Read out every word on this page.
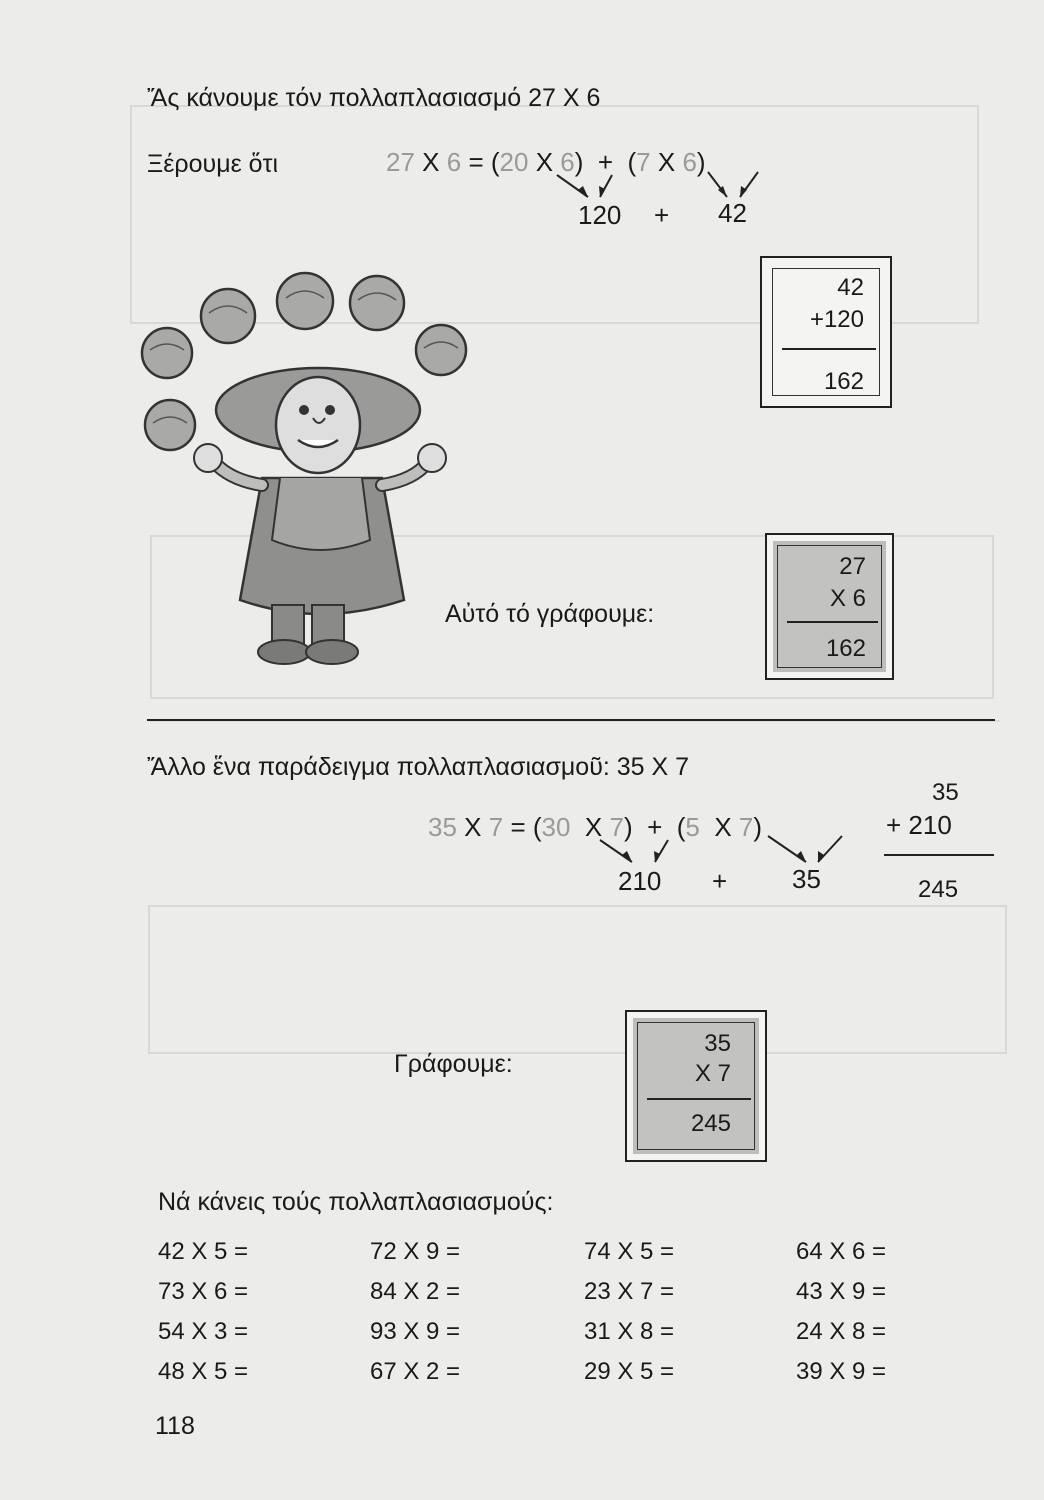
Ἄς κάνουμε τόν πολλαπλασιασμό 27 Χ 6
Ξέρουμε ὅτι	27 Χ 6 = (20 Χ 6) + (7 Χ 6)
120 + 42
42
+120
162
Αὐτό τό γράφουμε:
27
Χ 6
162
Ἄλλο ἕνα παράδειγμα πολλαπλασιασμοῦ: 35 Χ 7
35 Χ 7 = (30 Χ 7) + (5 Χ 7)
210 + 35
35
+ 210
245
Γράφουμε:
35
Χ 7
245
Νά κάνεις τούς πολλαπλασιασμούς:
42 Χ 5 =	72 Χ 9 =	74 Χ 5 =	64 Χ 6 =
73 Χ 6 =	84 Χ 2 =	23 Χ 7 =	43 Χ 9 =
54 Χ 3 =	93 Χ 9 =	31 Χ 8 =	24 Χ 8 =
48 Χ 5 =	67 Χ 2 =	29 Χ 5 =	39 Χ 9 =
118
